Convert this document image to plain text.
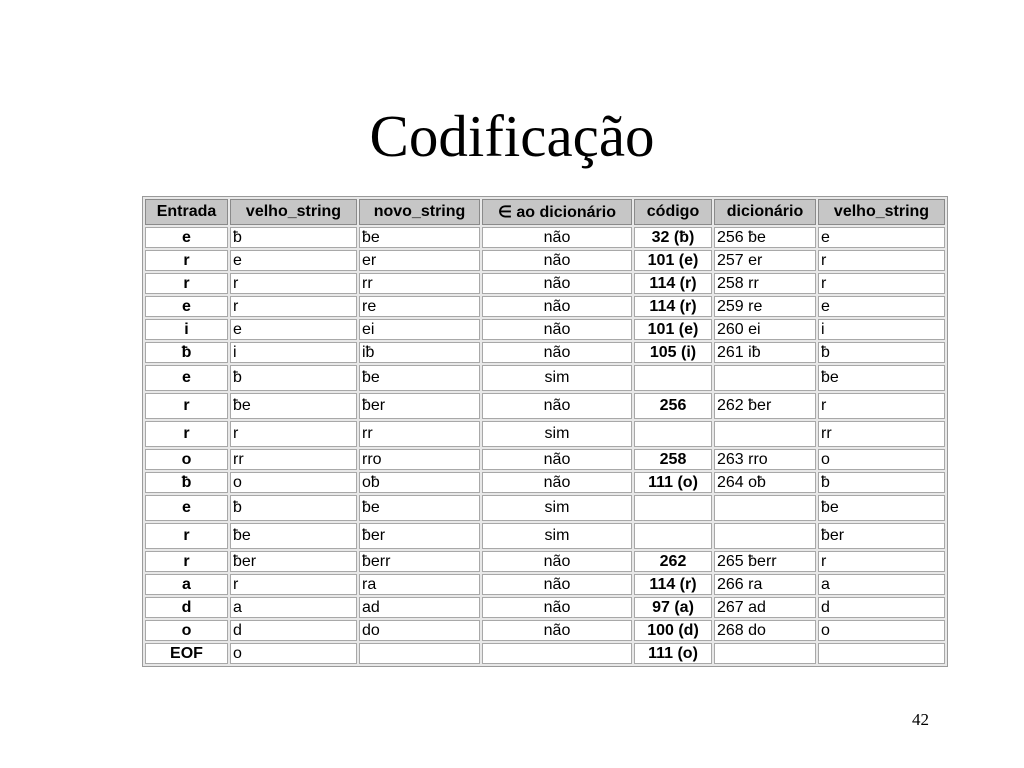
Codificação
Entrada	velho_string	novo_string	∈ ao dicionário	código	dicionário	velho_string
e	ƀ	ƀe	não	32 (ƀ)	256 ƀe	e
r	e	er	não	101 (e)	257 er	r
r	r	rr	não	114 (r)	258 rr	r
e	r	re	não	114 (r)	259 re	e
i	e	ei	não	101 (e)	260 ei	i
ƀ	i	iƀ	não	105 (i)	261 iƀ	ƀ
e	ƀ	ƀe	sim			ƀe
r	ƀe	ƀer	não	256	262 ƀer	r
r	r	rr	sim			rr
o	rr	rro	não	258	263 rro	o
ƀ	o	oƀ	não	111 (o)	264 oƀ	ƀ
e	ƀ	ƀe	sim			ƀe
r	ƀe	ƀer	sim			ƀer
r	ƀer	ƀerr	não	262	265 ƀerr	r
a	r	ra	não	114 (r)	266 ra	a
d	a	ad	não	97 (a)	267 ad	d
o	d	do	não	100 (d)	268 do	o
EOF	o			111 (o)		
42
